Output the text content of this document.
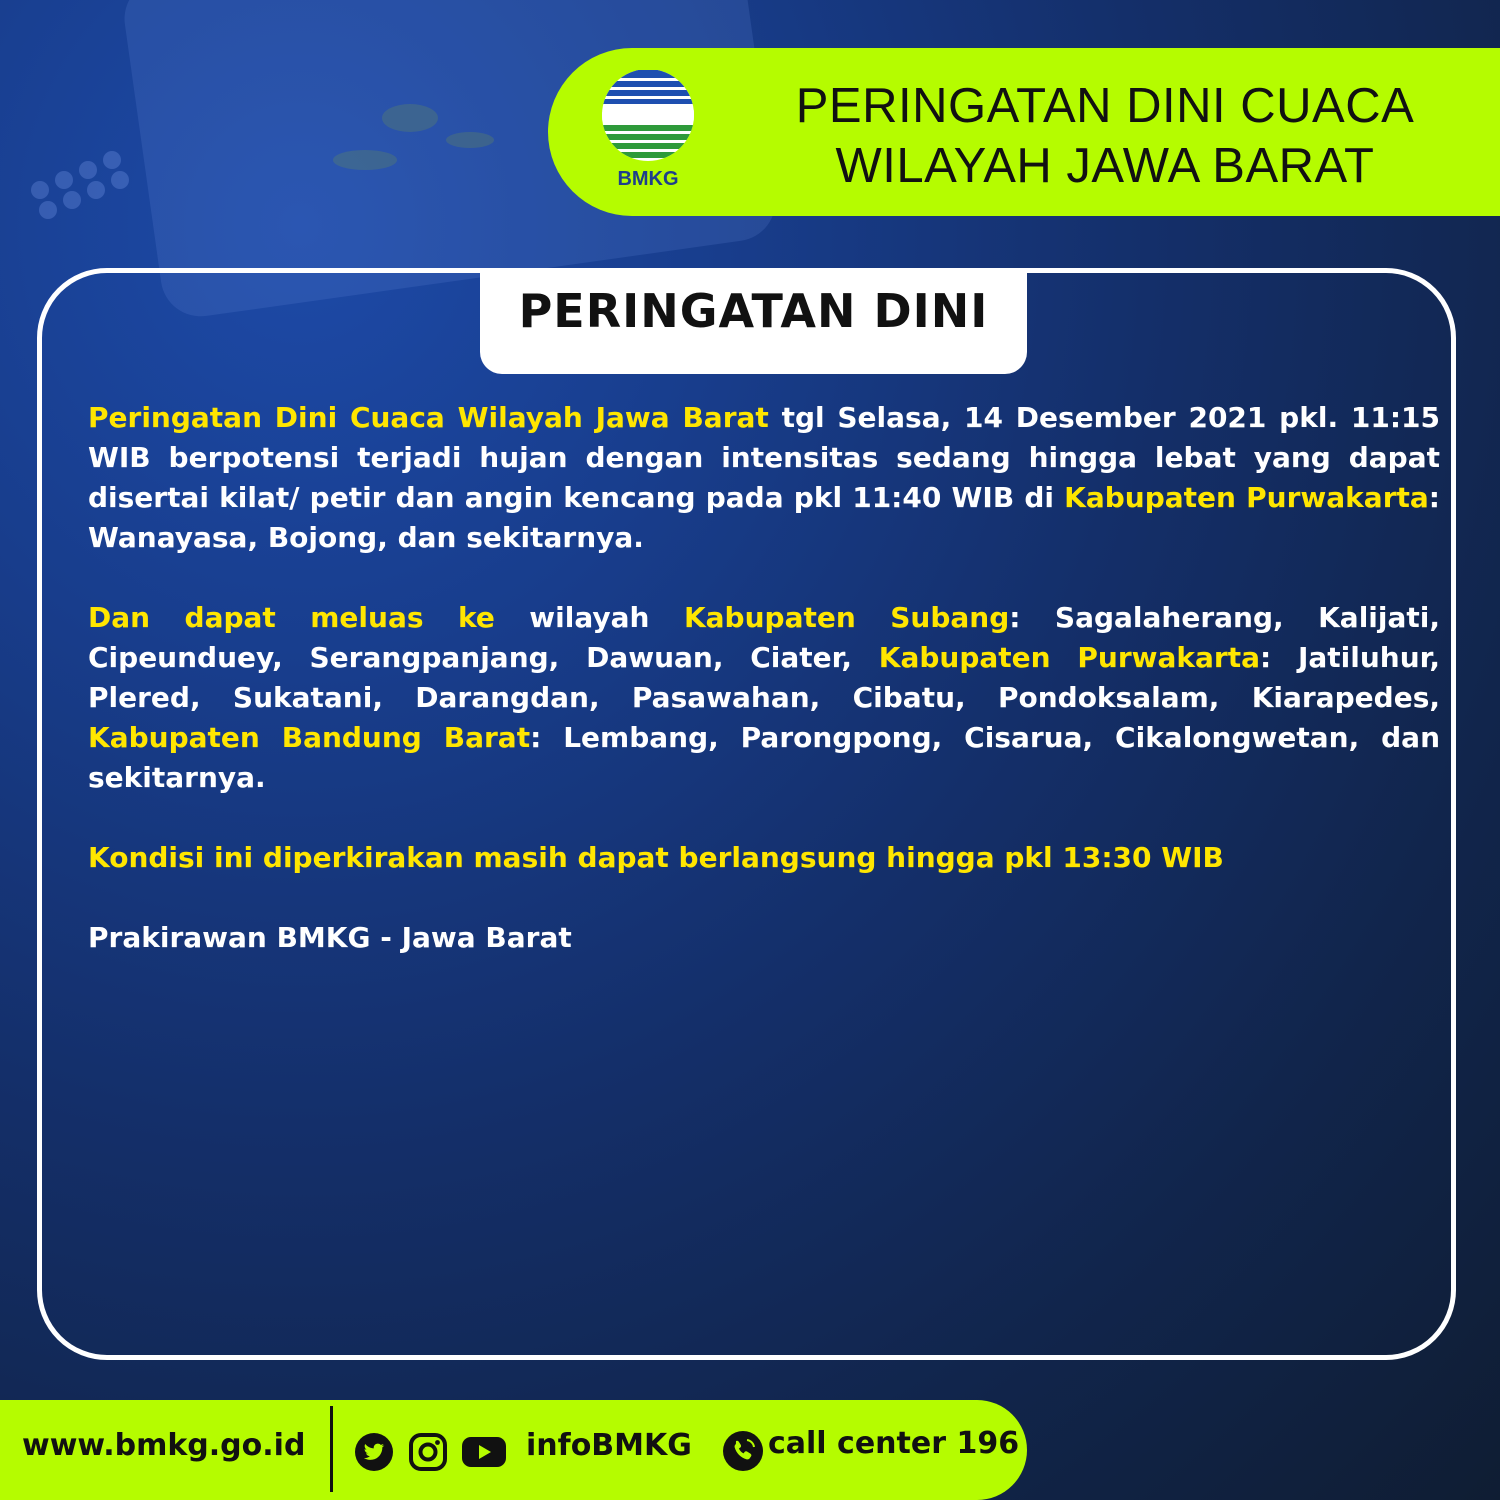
BMKG
PERINGATAN DINI CUACA
WILAYAH JAWA BARAT
PERINGATAN DINI

Peringatan Dini Cuaca Wilayah Jawa Barat tgl Selasa, 14 Desember 2021 pkl. 11:15 WIB berpotensi terjadi hujan dengan intensitas sedang hingga lebat yang dapat disertai kilat/ petir dan angin kencang pada pkl 11:40 WIB di Kabupaten Purwakarta: Wanayasa, Bojong, dan sekitarnya.

Dan dapat meluas ke wilayah Kabupaten Subang: Sagalaherang, Kalijati, Cipeunduey, Serangpanjang, Dawuan, Ciater, Kabupaten Purwakarta: Jatiluhur, Plered, Sukatani, Darangdan, Pasawahan, Cibatu, Pondoksalam, Kiarapedes, Kabupaten Bandung Barat: Lembang, Parongpong, Cisarua, Cikalongwetan, dan sekitarnya.

Kondisi ini diperkirakan masih dapat berlangsung hingga pkl 13:30 WIB

Prakirawan BMKG - Jawa Barat

www.bmkg.go.id	infoBMKG	call center 196
